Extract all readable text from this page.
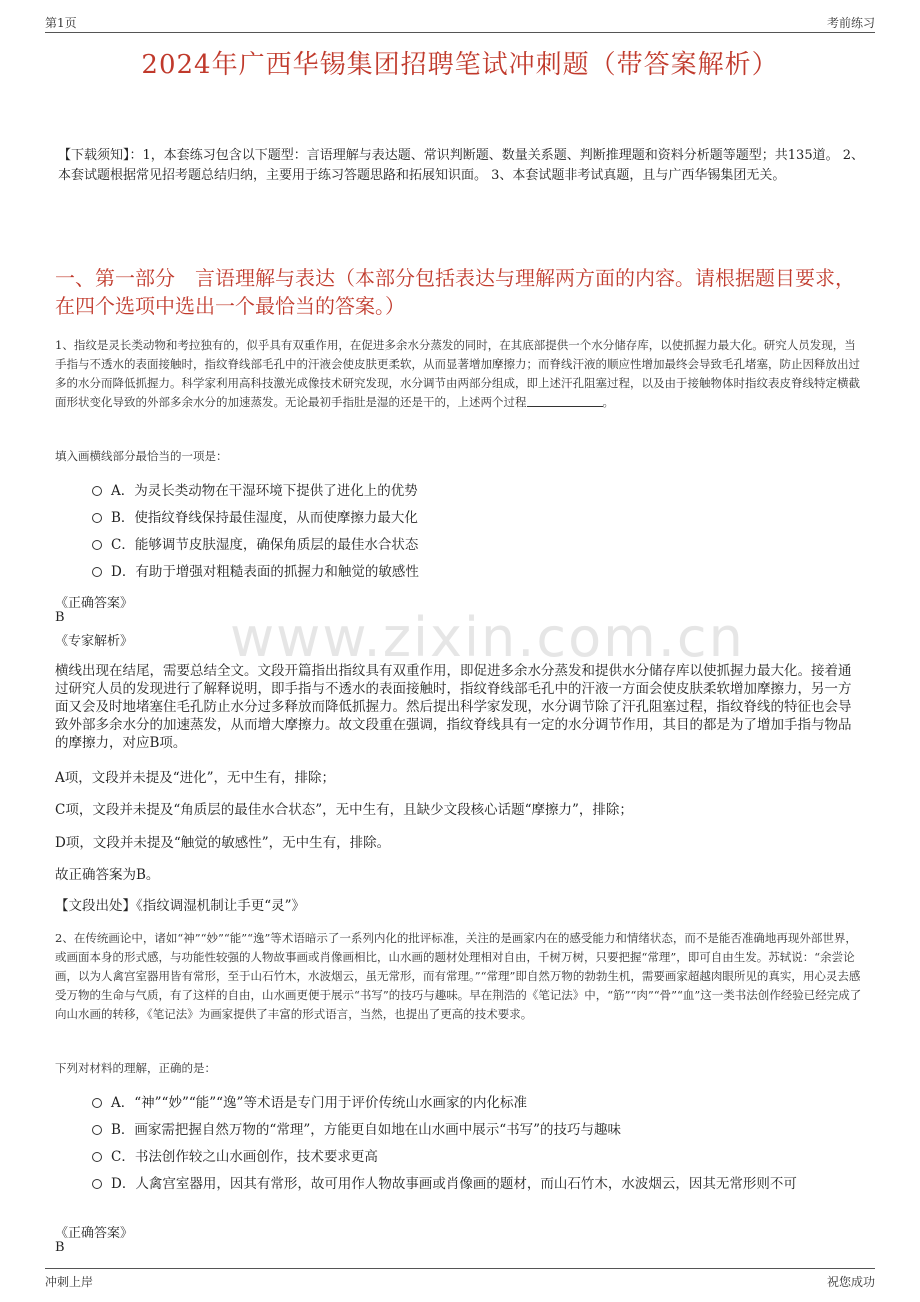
第1页	考前练习
2024年广西华锡集团招聘笔试冲刺题（带答案解析）
【下载须知】：1，本套练习包含以下题型：言语理解与表达题、常识判断题、数量关系题、判断推理题和资料分析题等题型；共135道。 2、本套试题根据常见招考题总结归纳，主要用于练习答题思路和拓展知识面。 3、本套试题非考试真题，且与广西华锡集团无关。
一、第一部分　言语理解与表达（本部分包括表达与理解两方面的内容。请根据题目要求，在四个选项中选出一个最恰当的答案。）

1、指纹是灵长类动物和考拉独有的，似乎具有双重作用，在促进多余水分蒸发的同时，在其底部提供一个水分储存库，以使抓握力最大化。研究人员发现，当手指与不透水的表面接触时，指纹脊线部毛孔中的汗液会使皮肤更柔软，从而显著增加摩擦力；而脊线汗液的顺应性增加最终会导致毛孔堵塞，防止因释放出过多的水分而降低抓握力。科学家利用高科技激光成像技术研究发现，水分调节由两部分组成，即上述汗孔阻塞过程，以及由于接触物体时指纹表皮脊线特定横截面形状变化导致的外部多余水分的加速蒸发。无论最初手指肚是湿的还是干的，上述两个过程	。

填入画横线部分最恰当的一项是：
A．为灵长类动物在干湿环境下提供了进化上的优势
B．使指纹脊线保持最佳湿度，从而使摩擦力最大化
C．能够调节皮肤湿度，确保角质层的最佳水合状态
D．有助于增强对粗糙表面的抓握力和触觉的敏感性
《正确答案》
B
《专家解析》 www.zixin.com.cn

横线出现在结尾，需要总结全文。文段开篇指出指纹具有双重作用，即促进多余水分蒸发和提供水分储存库以使抓握力最大化。接着通过研究人员的发现进行了解释说明，即手指与不透水的表面接触时，指纹脊线部毛孔中的汗液一方面会使皮肤柔软增加摩擦力，另一方面又会及时地堵塞住毛孔防止水分过多释放而降低抓握力。然后提出科学家发现，水分调节除了汗孔阻塞过程，指纹脊线的特征也会导致外部多余水分的加速蒸发，从而增大摩擦力。故文段重在强调，指纹脊线具有一定的水分调节作用，其目的都是为了增加手指与物品的摩擦力，对应B项。

A项，文段并未提及“进化”，无中生有，排除；
C项，文段并未提及“角质层的最佳水合状态”，无中生有，且缺少文段核心话题“摩擦力”，排除；
D项，文段并未提及“触觉的敏感性”，无中生有，排除。
故正确答案为B。
【文段出处】《指纹调湿机制让手更“灵”》

2、在传统画论中，诸如“神”“妙”“能”“逸”等术语暗示了一系列内化的批评标准，关注的是画家内在的感受能力和情绪状态，而不是能否准确地再现外部世界，或画面本身的形式感，与功能性较强的人物故事画或肖像画相比，山水画的题材处理相对自由，千树万树，只要把握“常理”，即可自由生发。苏轼说：“余尝论画，以为人禽宫室器用皆有常形，至于山石竹木，水波烟云，虽无常形，而有常理。”“常理”即自然万物的勃勃生机，需要画家超越肉眼所见的真实，用心灵去感受万物的生命与气质，有了这样的自由，山水画更便于展示“书写”的技巧与趣味。早在荆浩的《笔记法》中，“筋”“肉”“骨”“血”这一类书法创作经验已经完成了向山水画的转移，《笔记法》为画家提供了丰富的形式语言，当然，也提出了更高的技术要求。

下列对材料的理解，正确的是：
A．“神”“妙”“能”“逸”等术语是专门用于评价传统山水画家的内化标准
B．画家需把握自然万物的“常理”，方能更自如地在山水画中展示“书写”的技巧与趣味
C．书法创作较之山水画创作，技术要求更高
D．人禽宫室器用，因其有常形，故可用作人物故事画或肖像画的题材，而山石竹木，水波烟云，因其无常形则不可
《正确答案》
B
冲刺上岸	祝您成功
